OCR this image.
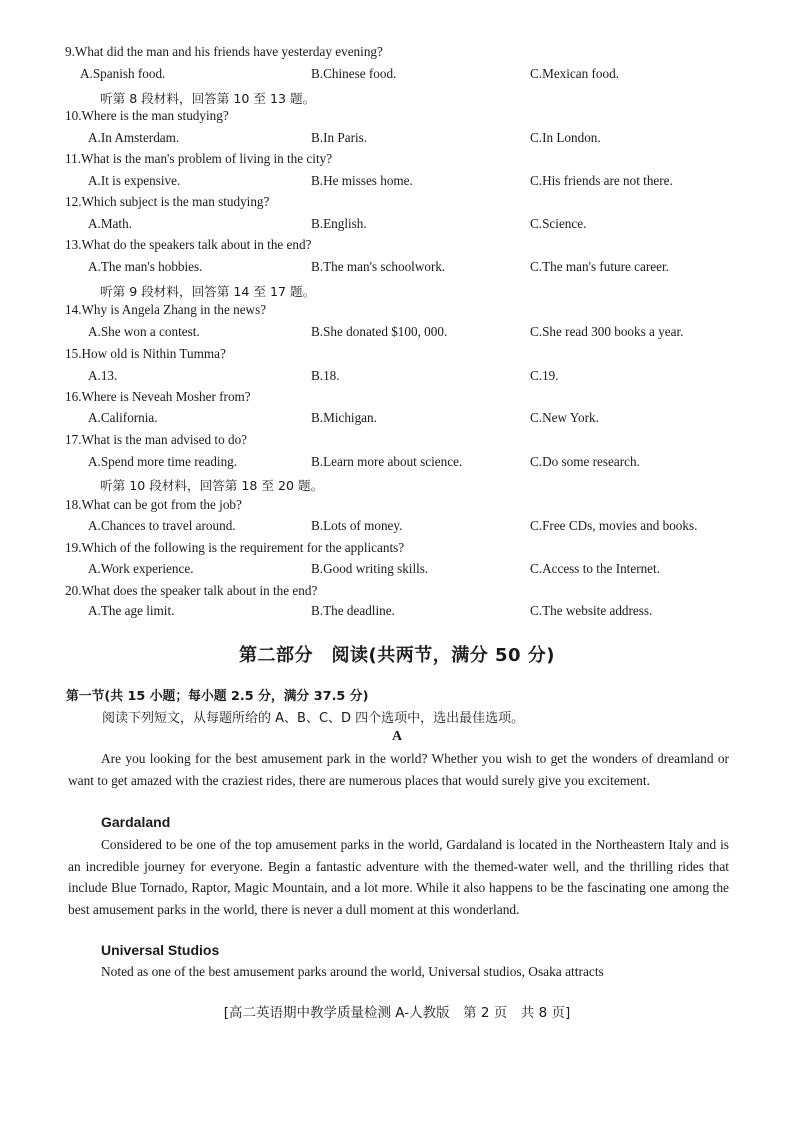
9.What did the man and his friends have yesterday evening?
A.Spanish food.	B.Chinese food.	C.Mexican food.
听第 8 段材料，回答第 10 至 13 题。
10.Where is the man studying?
A.In Amsterdam.	B.In Paris.	C.In London.
11.What is the man's problem of living in the city?
A.It is expensive.	B.He misses home.	C.His friends are not there.
12.Which subject is the man studying?
A.Math.	B.English.	C.Science.
13.What do the speakers talk about in the end?
A.The man's hobbies.	B.The man's schoolwork.	C.The man's future career.
听第 9 段材料，回答第 14 至 17 题。
14.Why is Angela Zhang in the news?
A.She won a contest.	B.She donated $100, 000.	C.She read 300 books a year.
15.How old is Nithin Tumma?
A.13.	B.18.	C.19.
16.Where is Neveah Mosher from?
A.California.	B.Michigan.	C.New York.
17.What is the man advised to do?
A.Spend more time reading.	B.Learn more about science.	C.Do some research.
听第 10 段材料，回答第 18 至 20 题。
18.What can be got from the job?
A.Chances to travel around.	B.Lots of money.	C.Free CDs, movies and books.
19.Which of the following is the requirement for the applicants?
A.Work experience.	B.Good writing skills.	C.Access to the Internet.
20.What does the speaker talk about in the end?
A.The age limit.	B.The deadline.	C.The website address.
第二部分　阅读(共两节，满分 50 分)
第一节(共 15 小题；每小题 2.5 分，满分 37.5 分)
阅读下列短文，从每题所给的 A、B、C、D 四个选项中，选出最佳选项。
A
Are you looking for the best amusement park in the world? Whether you wish to get the wonders of dreamland or want to get amazed with the craziest rides, there are numerous places that would surely give you excitement.
Gardaland
Considered to be one of the top amusement parks in the world, Gardaland is located in the Northeastern Italy and is an incredible journey for everyone. Begin a fantastic adventure with the themed-water well, and the thrilling rides that include Blue Tornado, Raptor, Magic Mountain, and a lot more. While it also happens to be the fascinating one among the best amusement parks in the world, there is never a dull moment at this wonderland.
Universal Studios
Noted as one of the best amusement parks around the world, Universal studios, Osaka attracts
[高二英语期中教学质量检测 A-人教版　第 2 页　共 8 页]
